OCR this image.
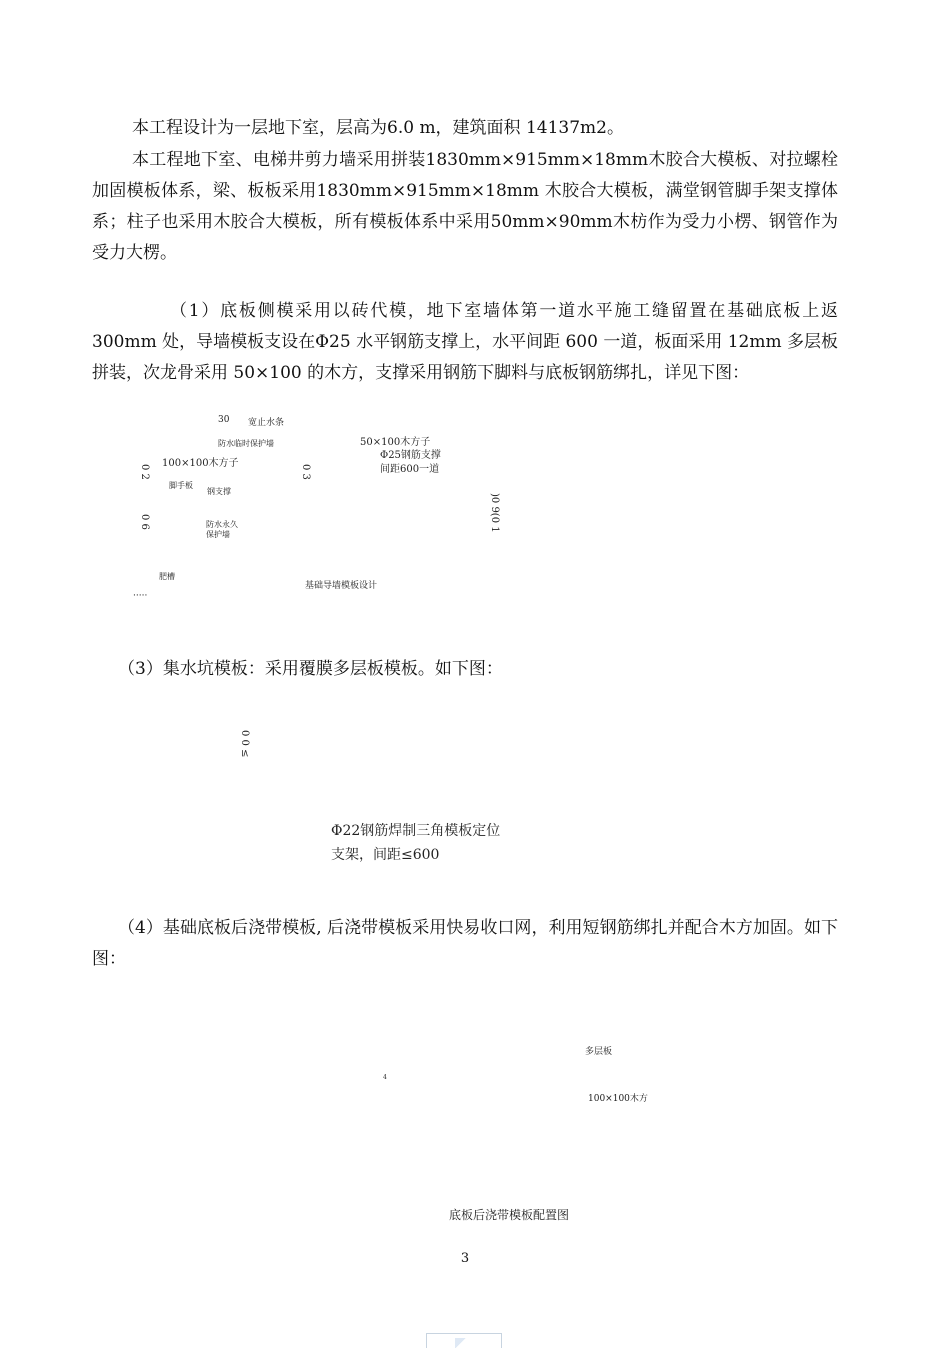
本工程设计为一层地下室，层高为6.0 m，建筑面积 14137m2。

本工程地下室、电梯井剪力墙采用拼装1830mm×915mm×18mm木胶合大模板、对拉螺栓加固模板体系，梁、板板采用1830mm×915mm×18mm 木胶合大模板，满堂钢管脚手架支撑体系；柱子也采用木胶合大模板，所有模板体系中采用50mm×90mm木枋作为受力小楞、钢管作为受力大楞。

（1）底板侧模采用以砖代模，地下室墙体第一道水平施工缝留置在基础底板上返300mm 处，导墙模板支设在Φ25 水平钢筋支撑上，水平间距 600 一道，板面采用 12mm 多层板拼装，次龙骨采用 50×100 的木方，支撑采用钢筋下脚料与底板钢筋绑扎，详见下图：

30 宽止水条
防水临时保护墙
100×100木方子
0 2
脚手板
钢支撑
0 6	防水永久
保护墙
0 3
50×100木方子
Φ25钢筋支撑
间距600一道
)0 9(0 1
肥槽
·····
基础导墙模板设计

（3）集水坑模板：采用覆膜多层板模板。如下图：

0 0 ≤
Φ22钢筋焊制三角模板定位
支架，间距≤600

（4）基础底板后浇带模板, 后浇带模板采用快易收口网，利用短钢筋绑扎并配合木方加固。如下图：

多层板
4
100×100木方
底板后浇带模板配置图
3
